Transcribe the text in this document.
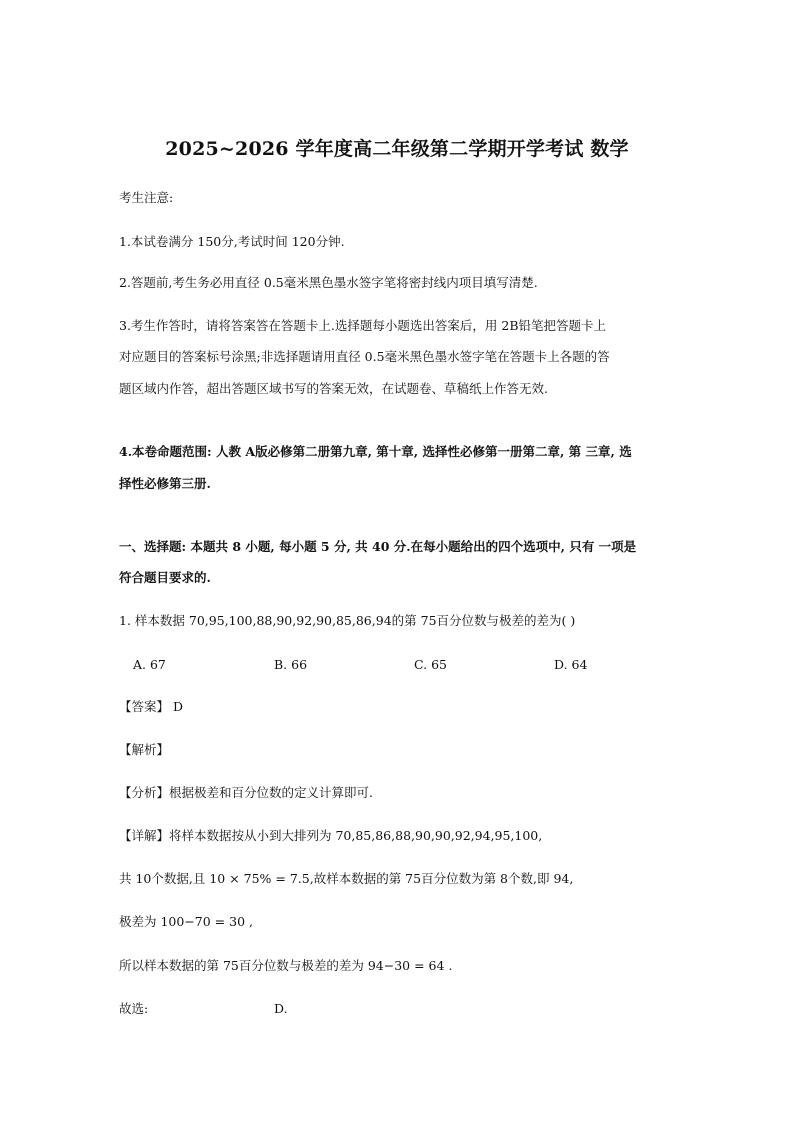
2025~2026 学年度高二年级第二学期开学考试 数学
考生注意:
1.本试卷满分 150分,考试时间 120分钟.
2.答题前,考生务必用直径 0.5毫米黑色墨水签字笔将密封线内项目填写清楚.
3.考生作答时，请将答案答在答题卡上.选择题每小题选出答案后，用 2B铅笔把答题卡上
对应题目的答案标号涂黑;非选择题请用直径 0.5毫米黑色墨水签字笔在答题卡上各题的答
题区域内作答，超出答题区域书写的答案无效，在试题卷、草稿纸上作答无效.
4.本卷命题范围: 人教 A版必修第二册第九章, 第十章, 选择性必修第一册第二章, 第 三章, 选
择性必修第三册.
一、选择题: 本题共 8 小题, 每小题 5 分, 共 40 分.在每小题给出的四个选项中, 只有 一项是
符合题目要求的.
1. 样本数据 70,95,100,88,90,92,90,85,86,94的第 75百分位数与极差的差为( )
A. 67	B. 66	C. 65	D. 64
【答案】 D
【解析】
【分析】根据极差和百分位数的定义计算即可.
【详解】将样本数据按从小到大排列为 70,85,86,88,90,90,92,94,95,100,
共 10个数据,且 10 × 75% = 7.5,故样本数据的第 75百分位数为第 8个数,即 94,
极差为 100−70 = 30 ,
所以样本数据的第 75百分位数与极差的差为 94−30 = 64 .
故选:	D.
